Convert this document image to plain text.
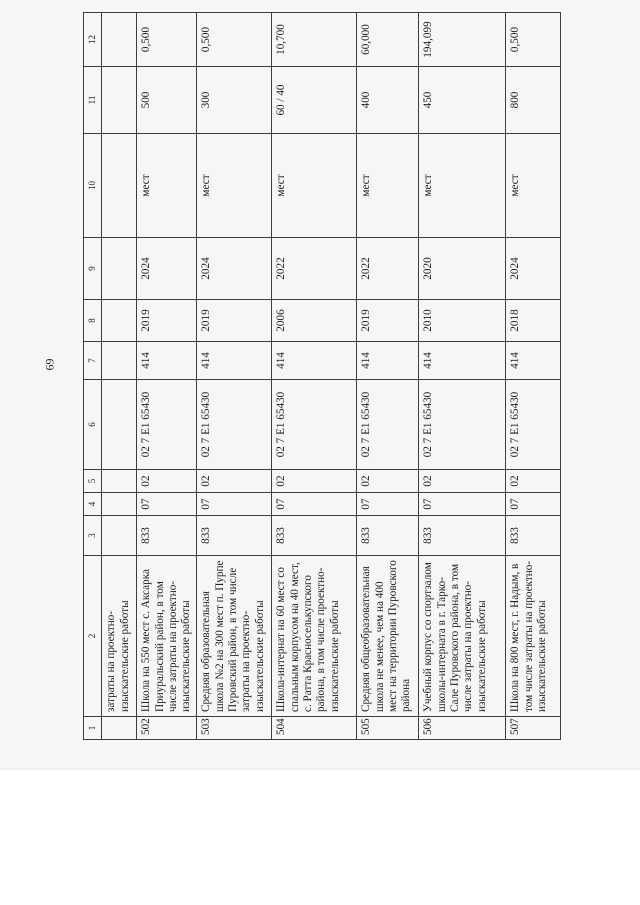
69
1	2	3	4	5	6	7	8	9	10	11	12
	затраты на проектно-изыскательские работы										
502	Школа на 550 мест с. Аксарка Приуральский район, в том числе затраты на проектно-изыскательские работы	833	07	02	02 7 E1 65430	414	2019	2024	мест	500	0,500
503	Средняя образовательная школа №2 на 300 мест п. Пурпе Пуровский район, в том числе затраты на проектно-изыскательские работы	833	07	02	02 7 E1 65430	414	2019	2024	мест	300	0,500
504	Школа-интернат на 60 мест со спальным корпусом на 40 мест, с. Ратта Красноселькупского района, в том числе проектно-изыскательские работы	833	07	02	02 7 E1 65430	414	2006	2022	мест	60 / 40	10,700
505	Средняя общеобразовательная школа не менее, чем на 400 мест на территории Пуровского района	833	07	02	02 7 E1 65430	414	2019	2022	мест	400	60,000
506	Учебный корпус со спортзалом школы-интерната в г. Тарко-Сале Пуровского района, в том числе затраты на проектно-изыскательские работы	833	07	02	02 7 E1 65430	414	2010	2020	мест	450	194,099
507	Школа на 800 мест, г. Надым, в том числе затраты на проектно-изыскательские работы	833	07	02	02 7 E1 65430	414	2018	2024	мест	800	0,500
